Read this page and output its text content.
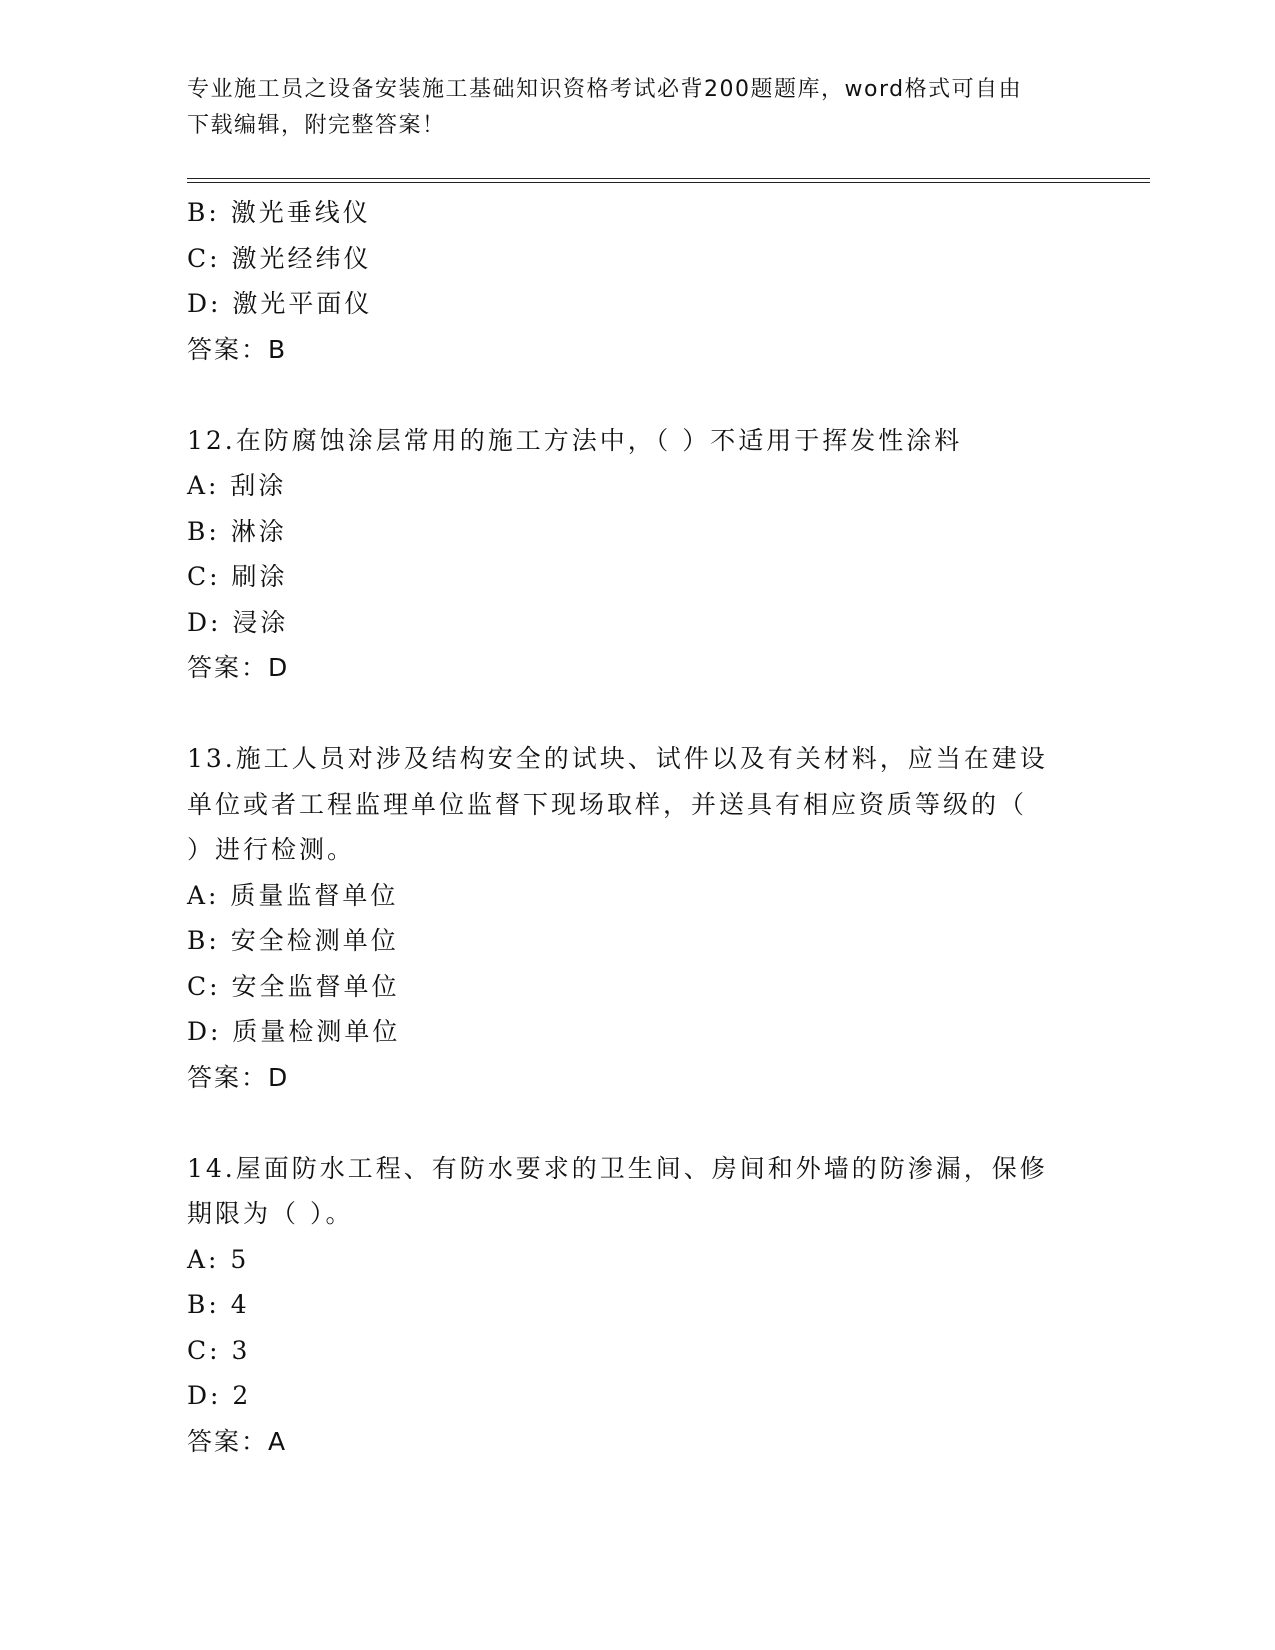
专业施工员之设备安装施工基础知识资格考试必背200题题库，word格式可自由
下载编辑，附完整答案！
B: 激光垂线仪
C: 激光经纬仪
D: 激光平面仪
答案：B
12.在防腐蚀涂层常用的施工方法中，（ ）不适用于挥发性涂料
A: 刮涂
B: 淋涂
C: 刷涂
D: 浸涂
答案：D
13.施工人员对涉及结构安全的试块、试件以及有关材料，应当在建设
单位或者工程监理单位监督下现场取样，并送具有相应资质等级的（
）进行检测。
A: 质量监督单位
B: 安全检测单位
C: 安全监督单位
D: 质量检测单位
答案：D
14.屋面防水工程、有防水要求的卫生间、房间和外墙的防渗漏，保修
期限为（ ）。
A: 5
B: 4
C: 3
D: 2
答案：A
